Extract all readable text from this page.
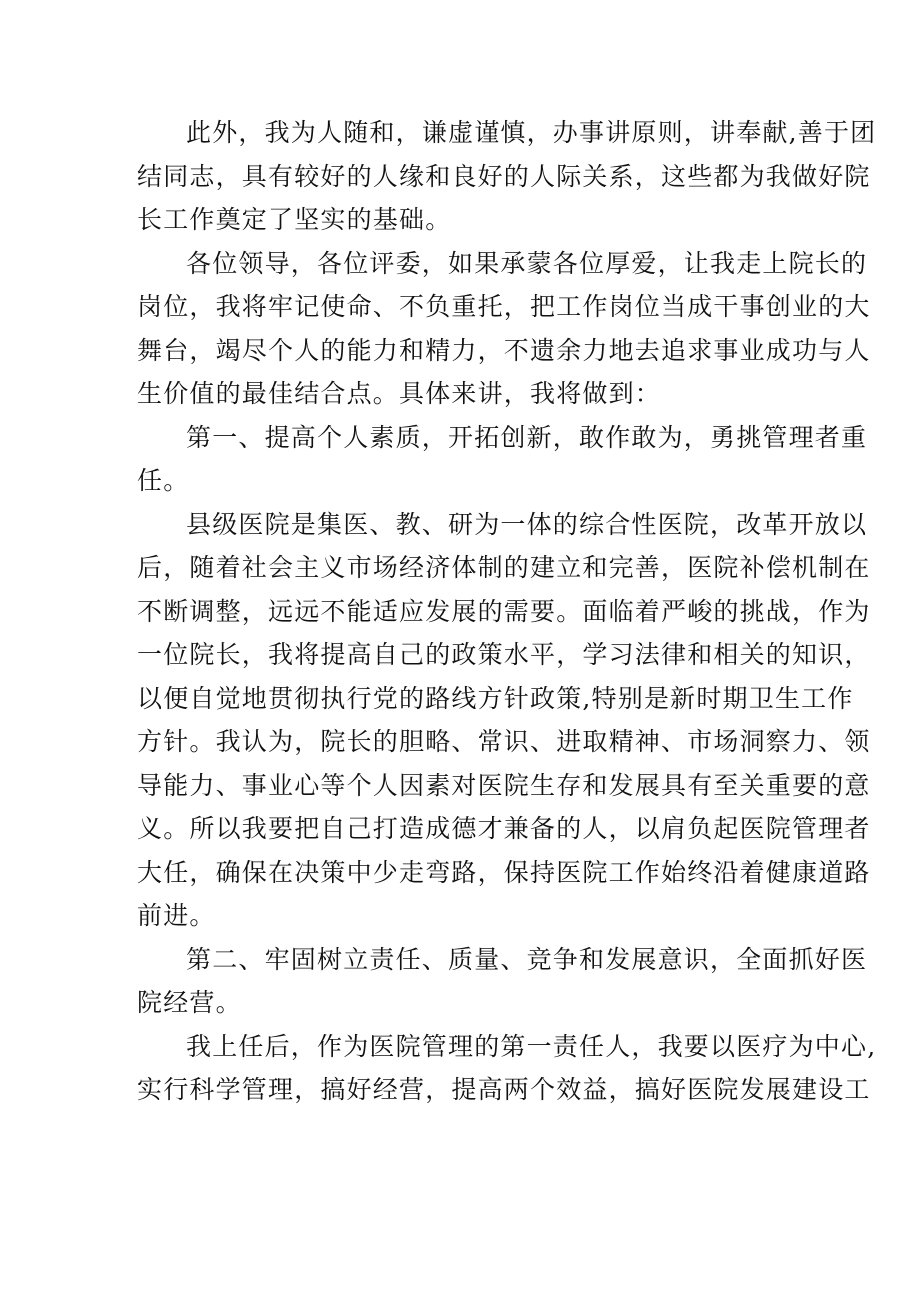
此外，我为人随和，谦虚谨慎，办事讲原则，讲奉献,善于团
结同志，具有较好的人缘和良好的人际关系，这些都为我做好院
长工作奠定了坚实的基础。
各位领导，各位评委，如果承蒙各位厚爱，让我走上院长的
岗位，我将牢记使命、不负重托，把工作岗位当成干事创业的大
舞台，竭尽个人的能力和精力，不遗余力地去追求事业成功与人
生价值的最佳结合点。具体来讲，我将做到：
第一、提高个人素质，开拓创新，敢作敢为，勇挑管理者重
任。
县级医院是集医、教、研为一体的综合性医院，改革开放以
后，随着社会主义市场经济体制的建立和完善，医院补偿机制在
不断调整，远远不能适应发展的需要。面临着严峻的挑战，作为
一位院长，我将提高自己的政策水平，学习法律和相关的知识，
以便自觉地贯彻执行党的路线方针政策,特别是新时期卫生工作
方针。我认为，院长的胆略、常识、进取精神、市场洞察力、领
导能力、事业心等个人因素对医院生存和发展具有至关重要的意
义。所以我要把自己打造成德才兼备的人，以肩负起医院管理者
大任，确保在决策中少走弯路，保持医院工作始终沿着健康道路
前进。
第二、牢固树立责任、质量、竞争和发展意识，全面抓好医
院经营。
我上任后，作为医院管理的第一责任人，我要以医疗为中心,
实行科学管理，搞好经营，提高两个效益，搞好医院发展建设工
